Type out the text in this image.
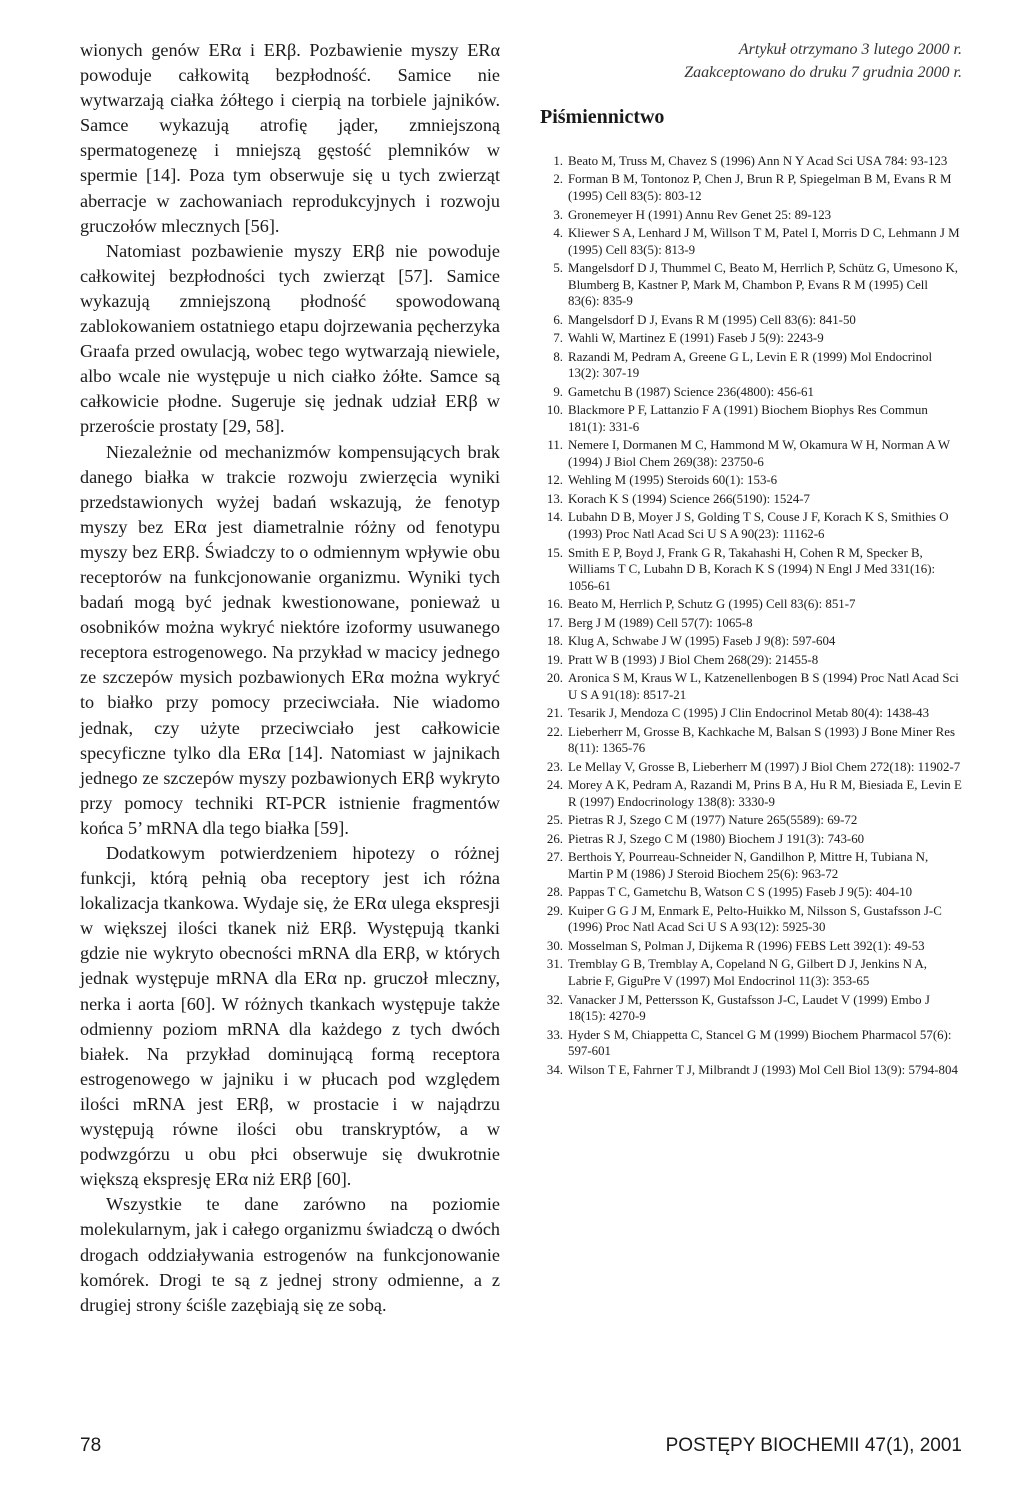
wionych genów ERα i ERβ. Pozbawienie myszy ERα powoduje całkowitą bezpłodność. Samice nie wytwarzają ciałka żółtego i cierpią na torbiele jajników. Samce wykazują atrofię jąder, zmniejszoną spermatogenezę i mniejszą gęstość plemników w spermie [14]. Poza tym obserwuje się u tych zwierząt aberracje w zachowaniach reprodukcyjnych i rozwoju gruczołów mlecznych [56].

Natomiast pozbawienie myszy ERβ nie powoduje całkowitej bezpłodności tych zwierząt [57]. Samice wykazują zmniejszoną płodność spowodowaną zablokowaniem ostatniego etapu dojrzewania pęcherzyka Graafa przed owulacją, wobec tego wytwarzają niewiele, albo wcale nie występuje u nich ciałko żółte. Samce są całkowicie płodne. Sugeruje się jednak udział ERβ w przeroście prostaty [29, 58].

Niezależnie od mechanizmów kompensujących brak danego białka w trakcie rozwoju zwierzęcia wyniki przedstawionych wyżej badań wskazują, że fenotyp myszy bez ERα jest diametralnie różny od fenotypu myszy bez ERβ. Świadczy to o odmiennym wpływie obu receptorów na funkcjonowanie organizmu. Wyniki tych badań mogą być jednak kwestionowane, ponieważ u osobników można wykryć niektóre izoformy usuwanego receptora estrogenowego. Na przykład w macicy jednego ze szczepów mysich pozbawionych ERα można wykryć to białko przy pomocy przeciwciała. Nie wiadomo jednak, czy użyte przeciwciało jest całkowicie specyficzne tylko dla ERα [14]. Natomiast w jajnikach jednego ze szczepów myszy pozbawionych ERβ wykryto przy pomocy techniki RT-PCR istnienie fragmentów końca 5’ mRNA dla tego białka [59].

Dodatkowym potwierdzeniem hipotezy o różnej funkcji, którą pełnią oba receptory jest ich różna lokalizacja tkankowa. Wydaje się, że ERα ulega ekspresji w większej ilości tkanek niż ERβ. Występują tkanki gdzie nie wykryto obecności mRNA dla ERβ, w których jednak występuje mRNA dla ERα np. gruczoł mleczny, nerka i aorta [60]. W różnych tkankach występuje także odmienny poziom mRNA dla każdego z tych dwóch białek. Na przykład dominującą formą receptora estrogenowego w jajniku i w płucach pod względem ilości mRNA jest ERβ, w prostacie i w najądrzu występują równe ilości obu transkryptów, a w podwzgórzu u obu płci obserwuje się dwukrotnie większą ekspresję ERα niż ERβ [60].

Wszystkie te dane zarówno na poziomie molekularnym, jak i całego organizmu świadczą o dwóch drogach oddziaływania estrogenów na funkcjonowanie komórek. Drogi te są z jednej strony odmienne, a z drugiej strony ściśle zazębiają się ze sobą.

Artykuł otrzymano 3 lutego 2000 r.
Zaakceptowano do druku 7 grudnia 2000 r.
Piśmiennictwo
1. Beato M, Truss M, Chavez S (1996) Ann N Y Acad Sci USA 784: 93-123
2. Forman B M, Tontonoz P, Chen J, Brun R P, Spiegelman B M, Evans R M (1995) Cell 83(5): 803-12
3. Gronemeyer H (1991) Annu Rev Genet 25: 89-123
4. Kliewer S A, Lenhard J M, Willson T M, Patel I, Morris D C, Lehmann J M (1995) Cell 83(5): 813-9
5. Mangelsdorf D J, Thummel C, Beato M, Herrlich P, Schütz G, Umesono K, Blumberg B, Kastner P, Mark M, Chambon P, Evans R M (1995) Cell 83(6): 835-9
6. Mangelsdorf D J, Evans R M (1995) Cell 83(6): 841-50
7. Wahli W, Martinez E (1991) Faseb J 5(9): 2243-9
8. Razandi M, Pedram A, Greene G L, Levin E R (1999) Mol Endocrinol 13(2): 307-19
9. Gametchu B (1987) Science 236(4800): 456-61
10. Blackmore P F, Lattanzio F A (1991) Biochem Biophys Res Commun 181(1): 331-6
11. Nemere I, Dormanen M C, Hammond M W, Okamura W H, Norman A W (1994) J Biol Chem 269(38): 23750-6
12. Wehling M (1995) Steroids 60(1): 153-6
13. Korach K S (1994) Science 266(5190): 1524-7
14. Lubahn D B, Moyer J S, Golding T S, Couse J F, Korach K S, Smithies O (1993) Proc Natl Acad Sci U S A 90(23): 11162-6
15. Smith E P, Boyd J, Frank G R, Takahashi H, Cohen R M, Specker B, Williams T C, Lubahn D B, Korach K S (1994) N Engl J Med 331(16): 1056-61
16. Beato M, Herrlich P, Schutz G (1995) Cell 83(6): 851-7
17. Berg J M (1989) Cell 57(7): 1065-8
18. Klug A, Schwabe J W (1995) Faseb J 9(8): 597-604
19. Pratt W B (1993) J Biol Chem 268(29): 21455-8
20. Aronica S M, Kraus W L, Katzenellenbogen B S (1994) Proc Natl Acad Sci U S A 91(18): 8517-21
21. Tesarik J, Mendoza C (1995) J Clin Endocrinol Metab 80(4): 1438-43
22. Lieberherr M, Grosse B, Kachkache M, Balsan S (1993) J Bone Miner Res 8(11): 1365-76
23. Le Mellay V, Grosse B, Lieberherr M (1997) J Biol Chem 272(18): 11902-7
24. Morey A K, Pedram A, Razandi M, Prins B A, Hu R M, Biesiada E, Levin E R (1997) Endocrinology 138(8): 3330-9
25. Pietras R J, Szego C M (1977) Nature 265(5589): 69-72
26. Pietras R J, Szego C M (1980) Biochem J 191(3): 743-60
27. Berthois Y, Pourreau-Schneider N, Gandilhon P, Mittre H, Tubiana N, Martin P M (1986) J Steroid Biochem 25(6): 963-72
28. Pappas T C, Gametchu B, Watson C S (1995) Faseb J 9(5): 404-10
29. Kuiper G G J M, Enmark E, Pelto-Huikko M, Nilsson S, Gustafsson J-C (1996) Proc Natl Acad Sci U S A 93(12): 5925-30
30. Mosselman S, Polman J, Dijkema R (1996) FEBS Lett 392(1): 49-53
31. Tremblay G B, Tremblay A, Copeland N G, Gilbert D J, Jenkins N A, Labrie F, GiguPre V (1997) Mol Endocrinol 11(3): 353-65
32. Vanacker J M, Pettersson K, Gustafsson J-C, Laudet V (1999) Embo J 18(15): 4270-9
33. Hyder S M, Chiappetta C, Stancel G M (1999) Biochem Pharmacol 57(6): 597-601
34. Wilson T E, Fahrner T J, Milbrandt J (1993) Mol Cell Biol 13(9): 5794-804
78	POSTĘPY BIOCHEMII 47(1), 2001
